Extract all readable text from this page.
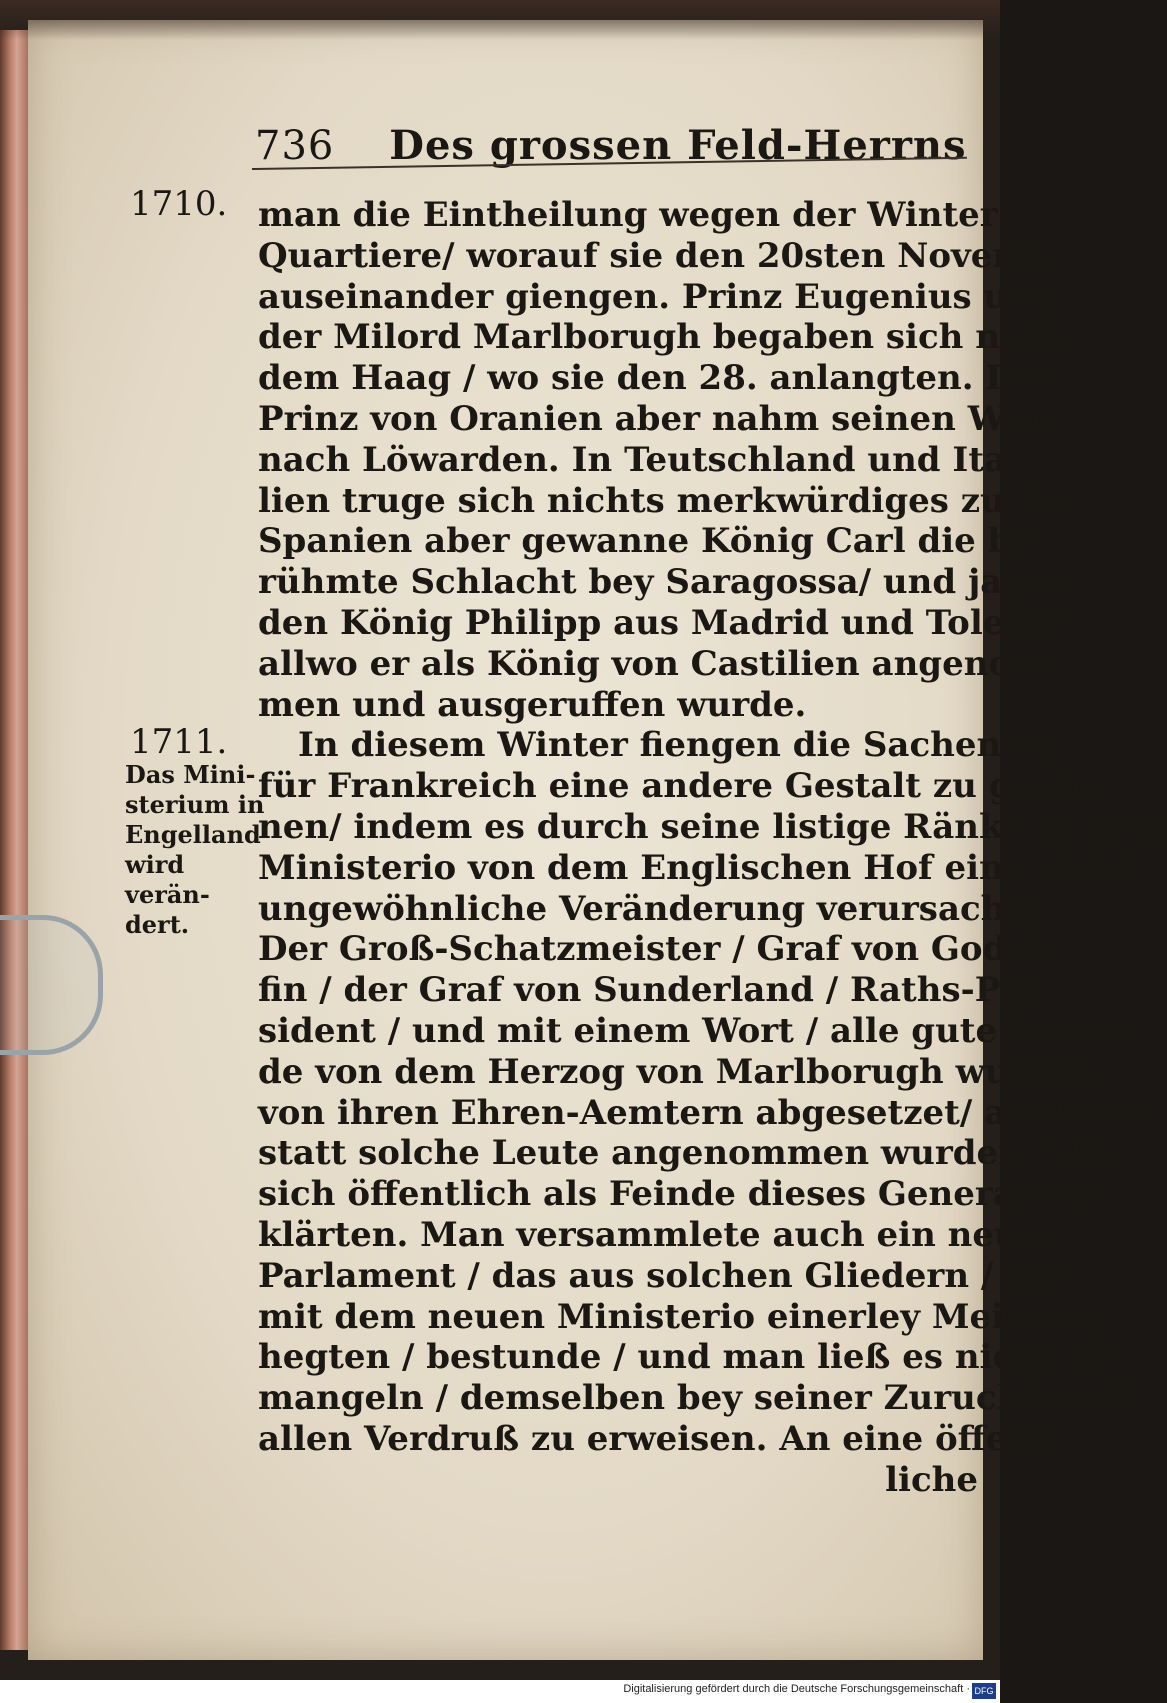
736 Des grossen Feld-Herrns
1710.
1711.
Das Mini-
sterium in
Engelland
wird verän-
dert.
man die Eintheilung wegen der Winter-
Quartiere/ worauf sie den 20sten Novemb.
auseinander giengen. Prinz Eugenius und
der Milord Marlborugh begaben sich nach
dem Haag / wo sie den 28. anlangten. Der
Prinz von Oranien aber nahm seinen Weg
nach Löwarden. In Teutschland und Ita-
lien truge sich nichts merkwürdiges zu. In
Spanien aber gewanne König Carl die be-
rühmte Schlacht bey Saragossa/ und jagte
den König Philipp aus Madrid und Toledo/
allwo er als König von Castilien angenom-
men und ausgeruffen wurde.
In diesem Winter fiengen die Sachen an
für Frankreich eine andere Gestalt zu gewin-
nen/ indem es durch seine listige Ränke in dem
Ministerio von dem Englischen Hof eine nicht
ungewöhnliche Veränderung verursachte.
Der Groß-Schatzmeister / Graf von Godol-
fin / der Graf von Sunderland / Raths-Prä-
sident / und mit einem Wort / alle gute Freun-
de von dem Herzog von Marlborugh wurden
von ihren Ehren-Aemtern abgesetzet/ an deren
statt solche Leute angenommen wurden / die
sich öffentlich als Feinde dieses Generals er-
klärten. Man versammlete auch ein neues
Parlament / das aus solchen Gliedern / die
mit dem neuen Ministerio einerley Meinung
hegten / bestunde / und man ließ es nicht er-
mangeln / demselben bey seiner Zuruckkunfft
allen Verdruß zu erweisen. An eine öffent-
liche
Digitalisierung gefördert durch die Deutsche Forschungsgemeinschaft · DFG
